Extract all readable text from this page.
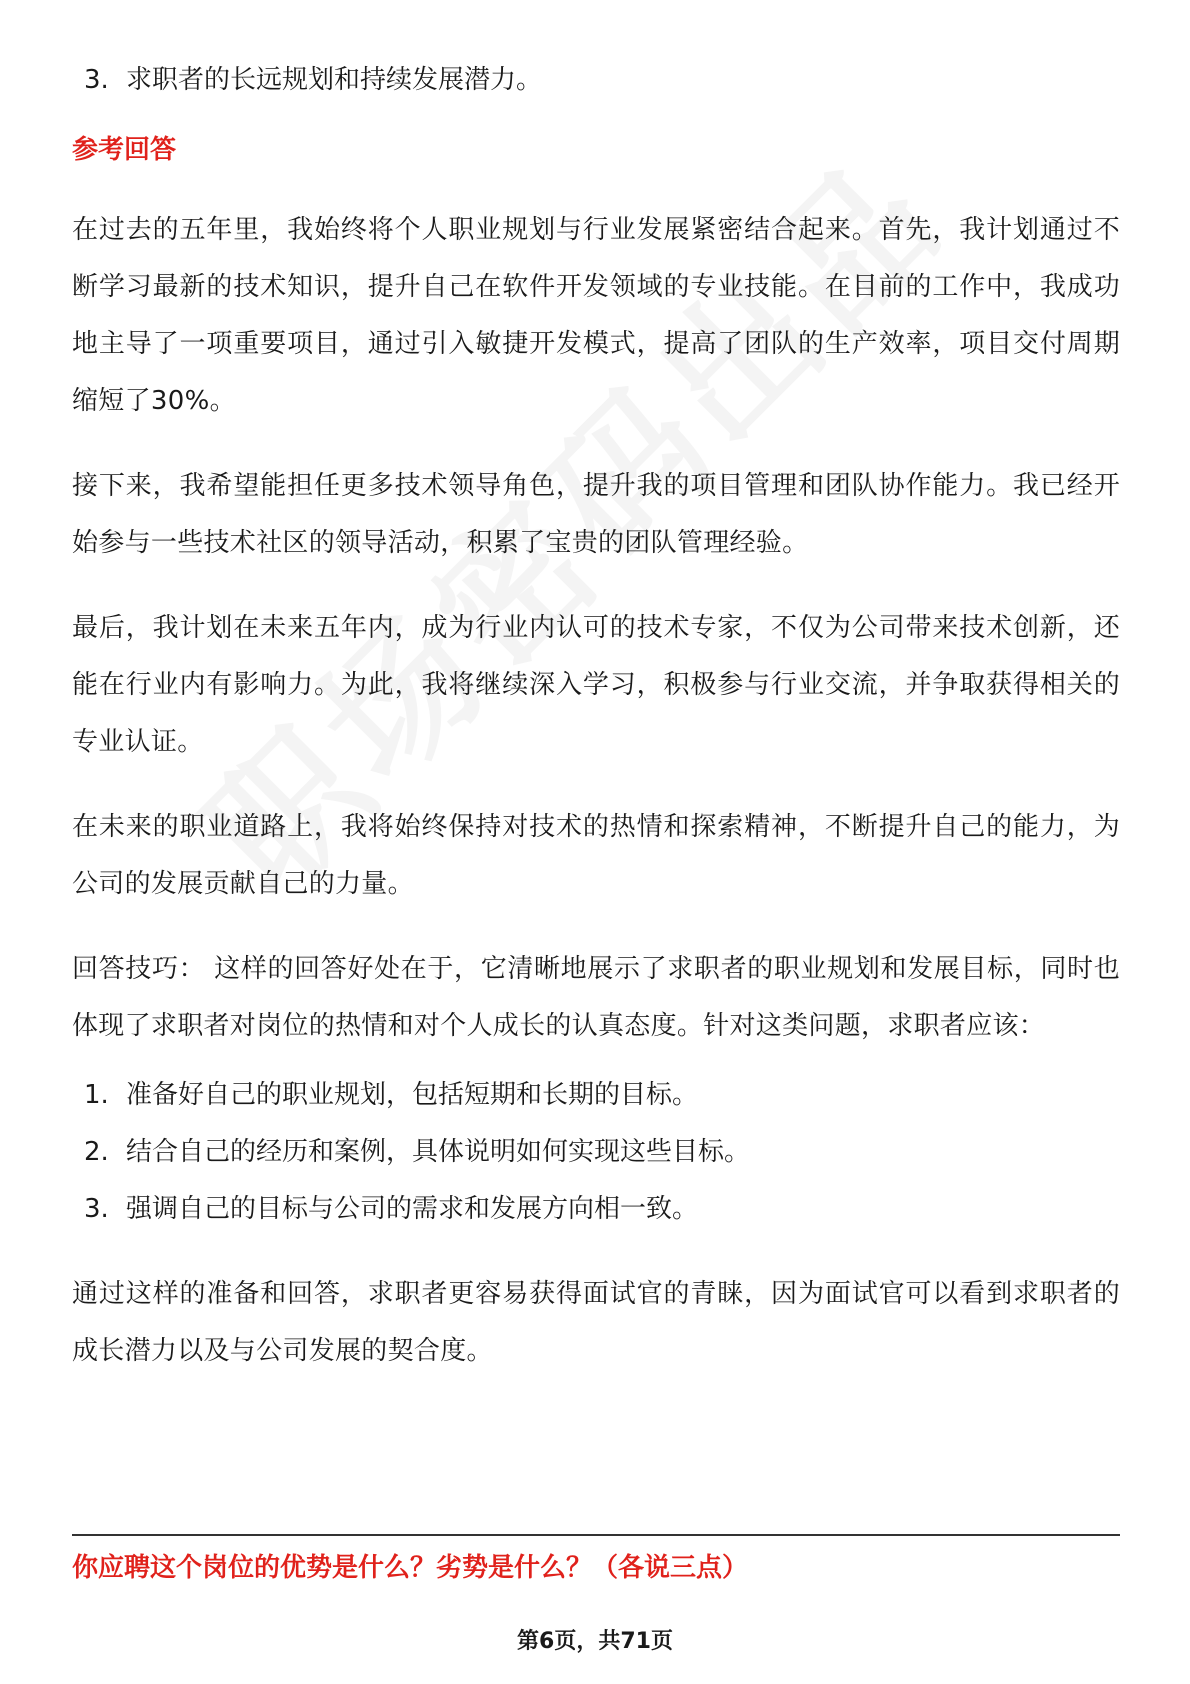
3. 求职者的长远规划和持续发展潜力。
参考回答

在过去的五年里，我始终将个人职业规划与行业发展紧密结合起来。首先，我计划通过不断学习最新的技术知识，提升自己在软件开发领域的专业技能。在目前的工作中，我成功地主导了一项重要项目，通过引入敏捷开发模式，提高了团队的生产效率，项目交付周期缩短了30%。

接下来，我希望能担任更多技术领导角色，提升我的项目管理和团队协作能力。我已经开始参与一些技术社区的领导活动，积累了宝贵的团队管理经验。

最后，我计划在未来五年内，成为行业内认可的技术专家，不仅为公司带来技术创新，还能在行业内有影响力。为此，我将继续深入学习，积极参与行业交流，并争取获得相关的专业认证。

在未来的职业道路上，我将始终保持对技术的热情和探索精神，不断提升自己的能力，为公司的发展贡献自己的力量。

回答技巧： 这样的回答好处在于，它清晰地展示了求职者的职业规划和发展目标，同时也体现了求职者对岗位的热情和对个人成长的认真态度。针对这类问题，求职者应该：

1. 准备好自己的职业规划，包括短期和长期的目标。
2. 结合自己的经历和案例，具体说明如何实现这些目标。
3. 强调自己的目标与公司的需求和发展方向相一致。

通过这样的准备和回答，求职者更容易获得面试官的青睐，因为面试官可以看到求职者的成长潜力以及与公司发展的契合度。

你应聘这个岗位的优势是什么？劣势是什么？（各说三点）
第6页，共71页
